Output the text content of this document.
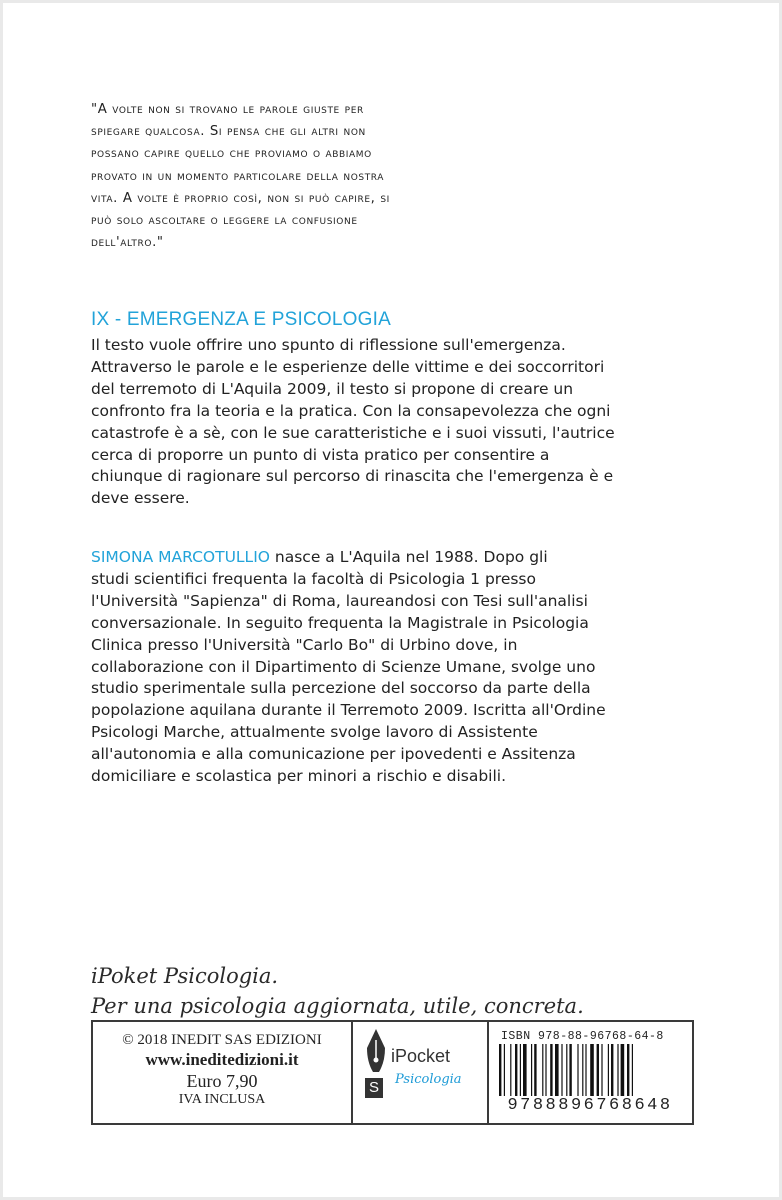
"A volte non si trovano le parole giuste per
spiegare qualcosa. Si pensa che gli altri non
possano capire quello che proviamo o abbiamo
provato in un momento particolare della nostra
vita. A volte è proprio così, non si può capire, si
può solo ascoltare o leggere la confusione
dell'altro."
IX - EMERGENZA E PSICOLOGIA
Il testo vuole offrire uno spunto di riflessione sull'emergenza.
Attraverso le parole e le esperienze delle vittime e dei soccorritori
del terremoto di L'Aquila 2009, il testo si propone di creare un
confronto fra la teoria e la pratica. Con la consapevolezza che ogni
catastrofe è a sè, con le sue caratteristiche e i suoi vissuti, l'autrice
cerca di proporre un punto di vista pratico per consentire a
chiunque di ragionare sul percorso di rinascita che l'emergenza è e
deve essere.
SIMONA MARCOTULLIO nasce a L'Aquila nel 1988. Dopo gli
studi scientifici frequenta la facoltà di Psicologia 1 presso
l'Università "Sapienza" di Roma, laureandosi con Tesi sull'analisi
conversazionale. In seguito frequenta la Magistrale in Psicologia
Clinica presso l'Università "Carlo Bo" di Urbino dove, in
collaborazione con il Dipartimento di Scienze Umane, svolge uno
studio sperimentale sulla percezione del soccorso da parte della
popolazione aquilana durante il Terremoto 2009. Iscritta all'Ordine
Psicologi Marche, attualmente svolge lavoro di Assistente
all'autonomia e alla comunicazione per ipovedenti e Assitenza
domiciliare e scolastica per minori a rischio e disabili.
iPoket Psicologia.
Per una psicologia aggiornata, utile, concreta.
© 2018 INEDIT SAS EDIZIONI
www.ineditedizioni.it
Euro 7,90
IVA INCLUSA
iPocket
Psicologia
S
ISBN 978-88-96768-64-8
9788896768648
